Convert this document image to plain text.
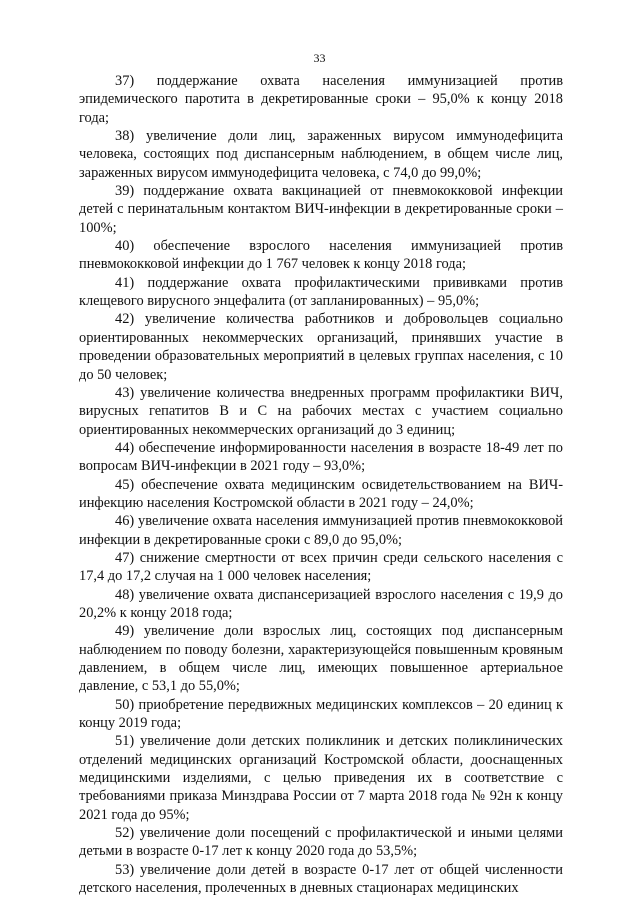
33

37) поддержание охвата населения иммунизацией против эпидемического паротита в декретированные сроки – 95,0% к концу 2018 года;

38) увеличение доли лиц, зараженных вирусом иммунодефицита человека, состоящих под диспансерным наблюдением, в общем числе лиц, зараженных вирусом иммунодефицита человека, с 74,0 до 99,0%;

39) поддержание охвата вакцинацией от пневмококковой инфекции детей с перинатальным контактом ВИЧ-инфекции в декретированные сроки – 100%;

40) обеспечение взрослого населения иммунизацией против пневмококковой инфекции до 1 767 человек к концу 2018 года;

41) поддержание охвата профилактическими прививками против клещевого вирусного энцефалита (от запланированных) – 95,0%;

42) увеличение количества работников и добровольцев социально ориентированных некоммерческих организаций, принявших участие в проведении образовательных мероприятий в целевых группах населения, с 10 до 50 человек;

43) увеличение количества внедренных программ профилактики ВИЧ, вирусных гепатитов В и С на рабочих местах с участием социально ориентированных некоммерческих организаций до 3 единиц;

44) обеспечение информированности населения в возрасте 18-49 лет по вопросам ВИЧ-инфекции в 2021 году – 93,0%;

45) обеспечение охвата медицинским освидетельствованием на ВИЧ-инфекцию населения Костромской области в 2021 году – 24,0%;

46) увеличение охвата населения иммунизацией против пневмококковой инфекции в декретированные сроки с 89,0 до 95,0%;

47) снижение смертности от всех причин среди сельского населения с 17,4 до 17,2 случая на 1 000 человек населения;

48) увеличение охвата диспансеризацией взрослого населения с 19,9 до 20,2% к концу 2018 года;

49) увеличение доли взрослых лиц, состоящих под диспансерным наблюдением по поводу болезни, характеризующейся повышенным кровяным давлением, в общем числе лиц, имеющих повышенное артериальное давление, с 53,1 до 55,0%;

50) приобретение передвижных медицинских комплексов – 20 единиц к концу 2019 года;

51) увеличение доли детских поликлиник и детских поликлинических отделений медицинских организаций Костромской области, дооснащенных медицинскими изделиями, с целью приведения их в соответствие с требованиями приказа Минздрава России от 7 марта 2018 года № 92н к концу 2021 года до 95%;

52) увеличение доли посещений с профилактической и иными целями детьми в возрасте 0-17 лет к концу 2020 года до 53,5%;

53) увеличение доли детей в возрасте 0-17 лет от общей численности детского населения, пролеченных в дневных стационарах медицинских
